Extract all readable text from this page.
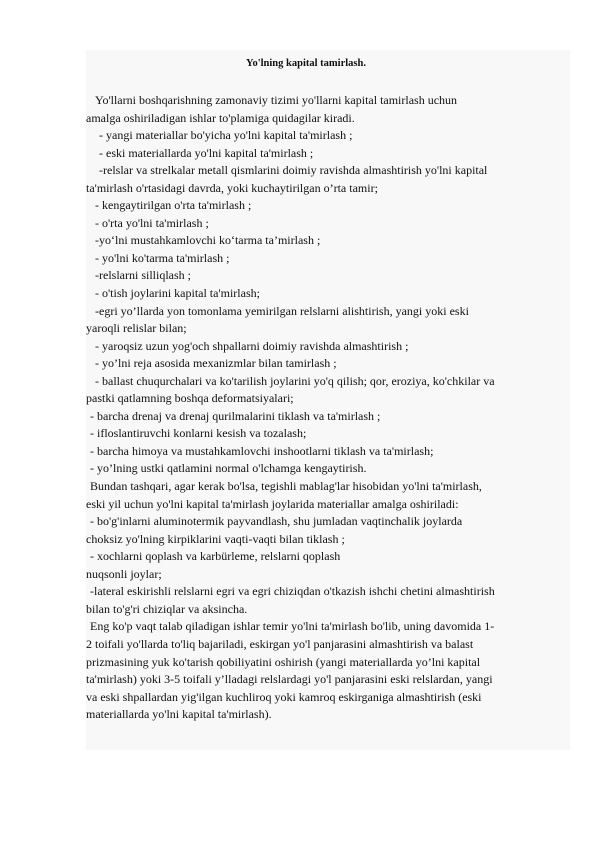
Yo'lning kapital tamirlash.
Yo'llarni boshqarishning zamonaviy tizimi yo'llarni kapital tamirlash uchun
amalga oshiriladigan ishlar to'plamiga quidagilar kiradi.
- yangi materiallar bo'yicha yo'lni kapital ta'mirlash ;
- eski materiallarda yo'lni kapital ta'mirlash ;
-relslar va strelkalar metall qismlarini doimiy ravishda almashtirish yo'lni kapital
ta'mirlash o'rtasidagi davrda, yoki kuchaytirilgan o’rta tamir;
- kengaytirilgan o'rta ta'mirlash ;
- o'rta yo'lni ta'mirlash ;
-yo‘lni mustahkamlovchi ko‘tarma ta’mirlash ;
- yo'lni ko'tarma ta'mirlash ;
-relslarni silliqlash ;
- o'tish joylarini kapital ta'mirlash;
-egri yo’llarda yon tomonlama yemirilgan relslarni alishtirish, yangi yoki eski
yaroqli relislar bilan;
- yaroqsiz uzun yog'och shpallarni doimiy ravishda almashtirish ;
- yo’lni reja asosida mexanizmlar bilan tamirlash ;
- ballast chuqurchalari va ko'tarilish joylarini yo'q qilish; qor, eroziya, ko'chkilar va
pastki qatlamning boshqa deformatsiyalari;
- barcha drenaj va drenaj qurilmalarini tiklash va ta'mirlash ;
- ifloslantiruvchi konlarni kesish va tozalash;
- barcha himoya va mustahkamlovchi inshootlarni tiklash va ta'mirlash;
- yo’lning ustki qatlamini normal o'lchamga kengaytirish.
Bundan tashqari, agar kerak bo'lsa, tegishli mablag'lar hisobidan yo'lni ta'mirlash,
eski yil uchun yo'lni kapital ta'mirlash joylarida materiallar amalga oshiriladi:
- bo'g'inlarni aluminotermik payvandlash, shu jumladan vaqtinchalik joylarda
choksiz yo'lning kirpiklarini vaqti-vaqti bilan tiklash ;
- xochlarni qoplash va karbürleme, relslarni qoplash
nuqsonli joylar;
-lateral eskirishli relslarni egri va egri chiziqdan o'tkazish ishchi chetini almashtirish
bilan to'g'ri chiziqlar va aksincha.
Eng ko'p vaqt talab qiladigan ishlar temir yo'lni ta'mirlash bo'lib, uning davomida 1-
2 toifali yo'llarda to'liq bajariladi, eskirgan yo'l panjarasini almashtirish va balast
prizmasining yuk ko'tarish qobiliyatini oshirish (yangi materiallarda yo’lni kapital
ta'mirlash) yoki 3-5 toifali y’lladagi relslardagi yo'l panjarasini eski relslardan, yangi
va eski shpallardan yig'ilgan kuchliroq yoki kamroq eskirganiga almashtirish (eski
materiallarda yo'lni kapital ta'mirlash).
